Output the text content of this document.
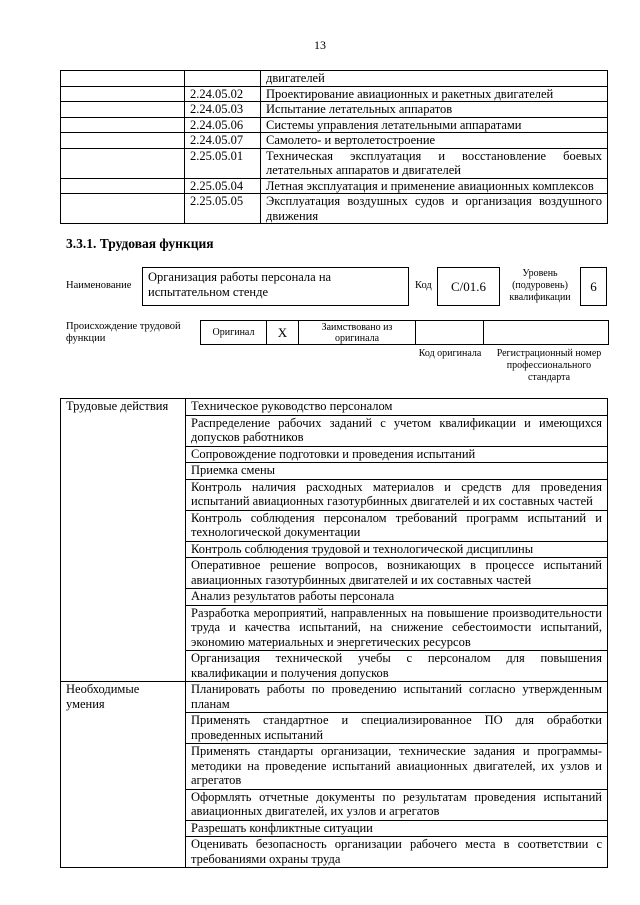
13
		двигателей
	2.24.05.02	Проектирование авиационных и ракетных двигателей
	2.24.05.03	Испытание летательных аппаратов
	2.24.05.06	Системы управления летательными аппаратами
	2.24.05.07	Самолето- и вертолетостроение
	2.25.05.01	Техническая эксплуатация и восстановление боевых летательных аппаратов и двигателей
	2.25.05.04	Летная эксплуатация и применение авиационных комплексов
	2.25.05.05	Эксплуатация воздушных судов и организация воздушного движения
3.3.1. Трудовая функция
Наименование
Организация работы персонала на испытательном стенде	Код	С/01.6
Уровень (подуровень) квалификации
6
Происхождение трудовой функции
Оригинал	Х	Заимствовано из оригинала
Код оригинала	Регистрационный номер профессионального стандарта
Трудовые действия	Техническое руководство персоналом
	Распределение рабочих заданий с учетом квалификации и имеющихся допусков работников
	Сопровождение подготовки и проведения испытаний
	Приемка смены
	Контроль наличия расходных материалов и средств для проведения испытаний авиационных газотурбинных двигателей и их составных частей
	Контроль соблюдения персоналом требований программ испытаний и технологической документации
	Контроль соблюдения трудовой и технологической дисциплины
	Оперативное решение вопросов, возникающих в процессе испытаний авиационных газотурбинных двигателей и их составных частей
	Анализ результатов работы персонала
	Разработка мероприятий, направленных на повышение производительности труда и качества испытаний, на снижение себестоимости испытаний, экономию материальных и энергетических ресурсов
	Организация технической учебы с персоналом для повышения квалификации и получения допусков
Необходимые умения	Планировать работы по проведению испытаний согласно утвержденным планам
	Применять стандартное и специализированное ПО для обработки проведенных испытаний
	Применять стандарты организации, технические задания и программы-методики на проведение испытаний авиационных двигателей, их узлов и агрегатов
	Оформлять отчетные документы по результатам проведения испытаний авиационных двигателей, их узлов и агрегатов
	Разрешать конфликтные ситуации
	Оценивать безопасность организации рабочего места в соответствии с требованиями охраны труда
